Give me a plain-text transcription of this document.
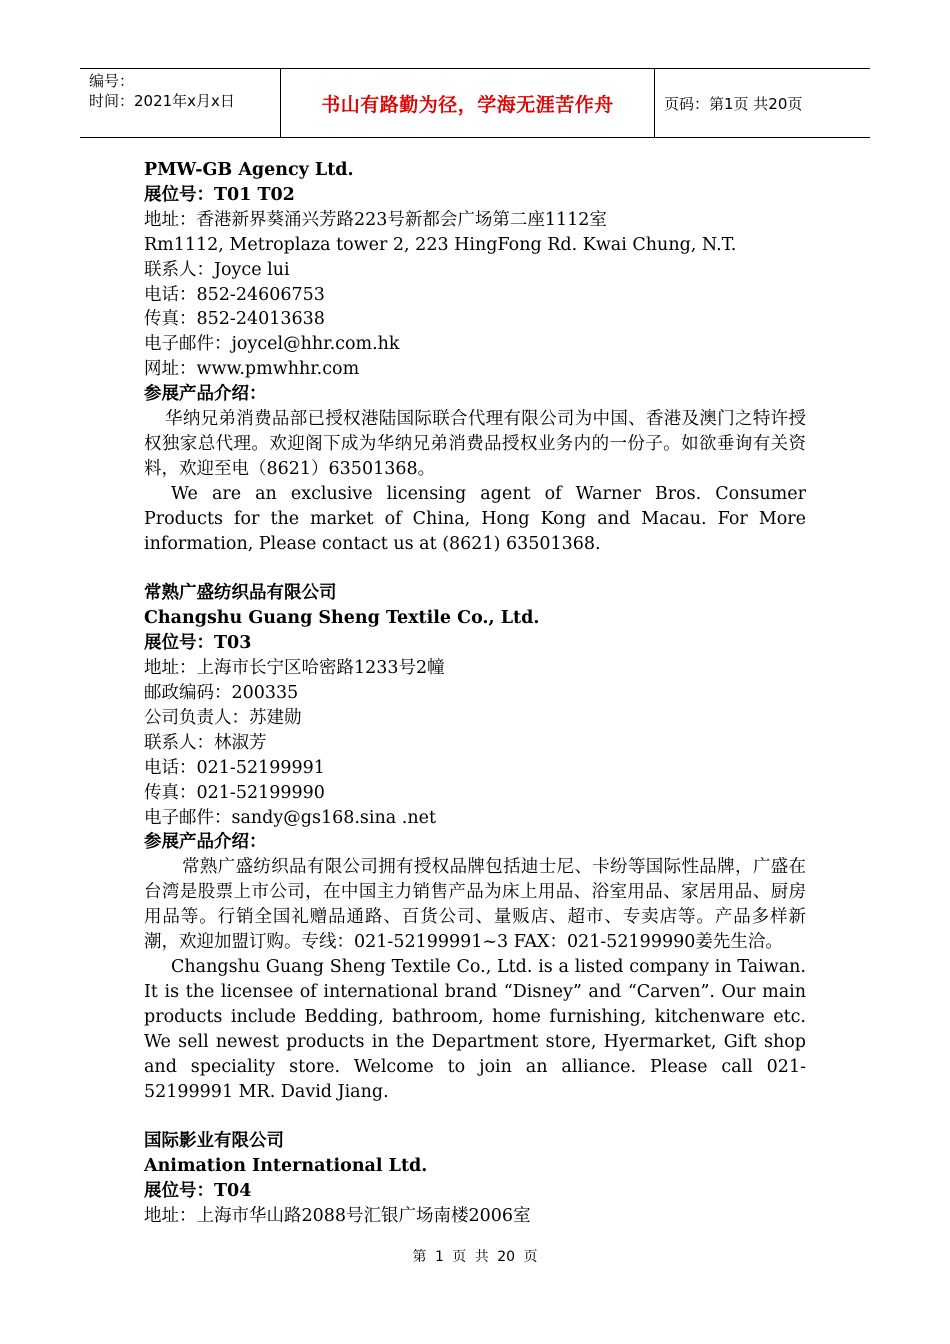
编号：
时间：2021年x月x日	书山有路勤为径，学海无涯苦作舟	页码：第1页 共20页
PMW-GB Agency Ltd.
展位号：T01 T02
地址：香港新界葵涌兴芳路223号新都会广场第二座1112室
Rm1112, Metroplaza tower 2, 223 HingFong Rd. Kwai Chung, N.T.
联系人：Joyce lui
电话：852-24606753
传真：852-24013638
电子邮件：joycel@hhr.com.hk
网址：www.pmwhhr.com
参展产品介绍：
华纳兄弟消费品部已授权港陆国际联合代理有限公司为中国、香港及澳门之特许授权独家总代理。欢迎阁下成为华纳兄弟消费品授权业务内的一份子。如欲垂询有关资料，欢迎至电（8621）63501368。
We are an exclusive licensing agent of Warner Bros. Consumer Products for the market of China, Hong Kong and Macau. For More information, Please contact us at (8621) 63501368.
常熟广盛纺织品有限公司
Changshu Guang Sheng Textile Co., Ltd.
展位号：T03
地址：上海市长宁区哈密路1233号2幢
邮政编码：200335
公司负责人：苏建勋
联系人：林淑芳
电话：021-52199991
传真：021-52199990
电子邮件：sandy@gs168.sina .net
参展产品介绍：
常熟广盛纺织品有限公司拥有授权品牌包括迪士尼、卡纷等国际性品牌，广盛在台湾是股票上市公司，在中国主力销售产品为床上用品、浴室用品、家居用品、厨房用品等。行销全国礼赠品通路、百货公司、量贩店、超市、专卖店等。产品多样新潮，欢迎加盟订购。专线：021-52199991~3 FAX：021-52199990姜先生洽。
Changshu Guang Sheng Textile Co., Ltd. is a listed company in Taiwan. It is the licensee of international brand “Disney” and “Carven”. Our main products include Bedding, bathroom, home furnishing, kitchenware etc. We sell newest products in the Department store, Hyermarket, Gift shop and speciality store. Welcome to join an alliance. Please call 021-52199991 MR. David Jiang.
国际影业有限公司
Animation International Ltd.
展位号：T04
地址：上海市华山路2088号汇银广场南楼2006室
第 1 页 共 20 页
